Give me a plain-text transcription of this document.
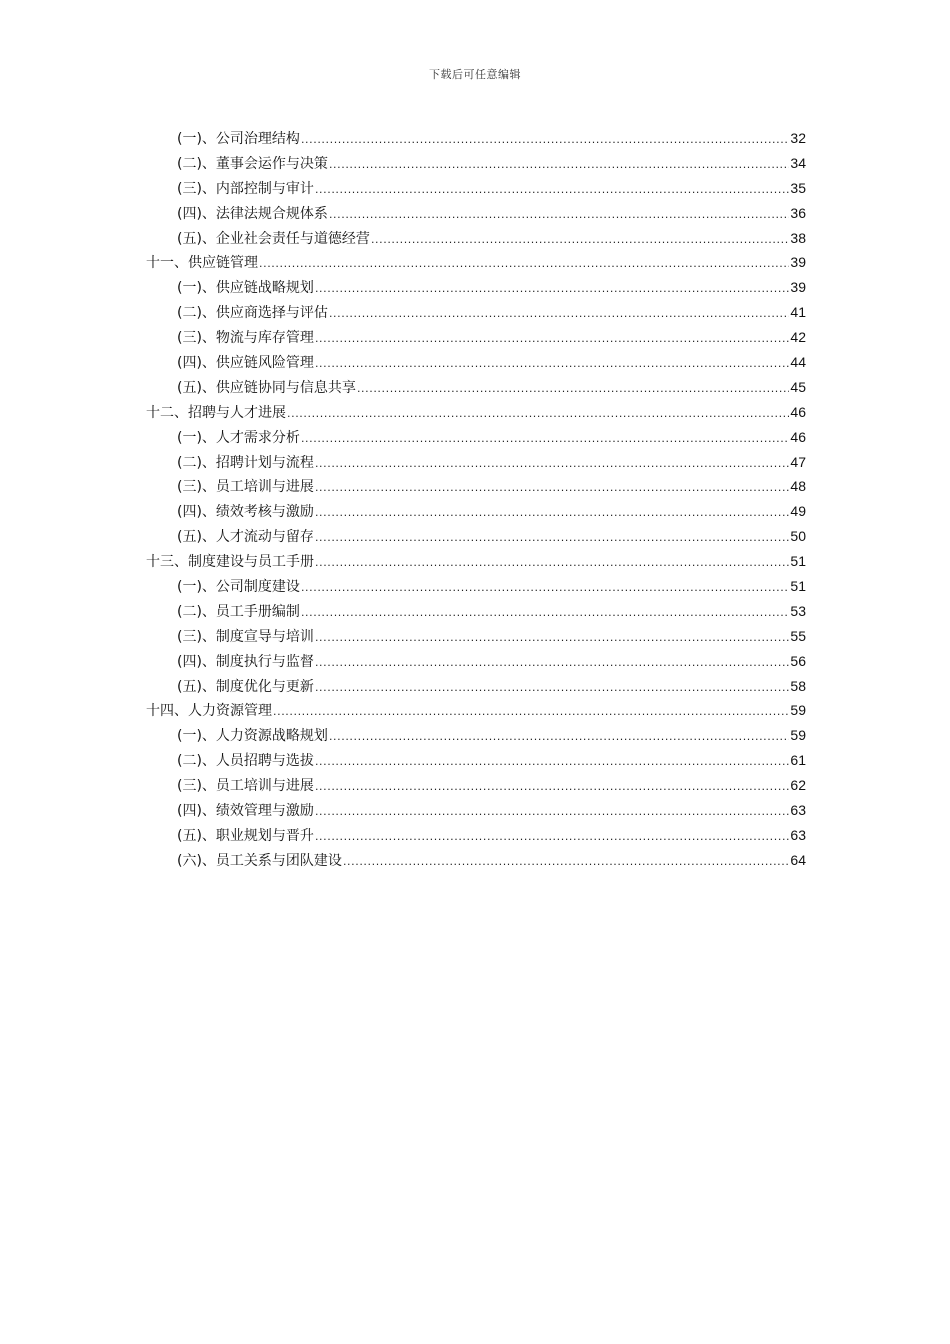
下载后可任意编辑
(一)、公司治理结构 .....	32
(二)、董事会运作与决策 .....	34
(三)、内部控制与审计 .....	35
(四)、法律法规合规体系 .....	36
(五)、企业社会责任与道德经营 .....	38
十一、供应链管理 .....	39
(一)、供应链战略规划 .....	39
(二)、供应商选择与评估 .....	41
(三)、物流与库存管理 .....	42
(四)、供应链风险管理 .....	44
(五)、供应链协同与信息共享 .....	45
十二、招聘与人才进展 .....	46
(一)、人才需求分析 .....	46
(二)、招聘计划与流程 .....	47
(三)、员工培训与进展 .....	48
(四)、绩效考核与激励 .....	49
(五)、人才流动与留存 .....	50
十三、制度建设与员工手册 .....	51
(一)、公司制度建设 .....	51
(二)、员工手册编制 .....	53
(三)、制度宣导与培训 .....	55
(四)、制度执行与监督 .....	56
(五)、制度优化与更新 .....	58
十四、人力资源管理 .....	59
(一)、人力资源战略规划 .....	59
(二)、人员招聘与选拔 .....	61
(三)、员工培训与进展 .....	62
(四)、绩效管理与激励 .....	63
(五)、职业规划与晋升 .....	63
(六)、员工关系与团队建设 .....	64
